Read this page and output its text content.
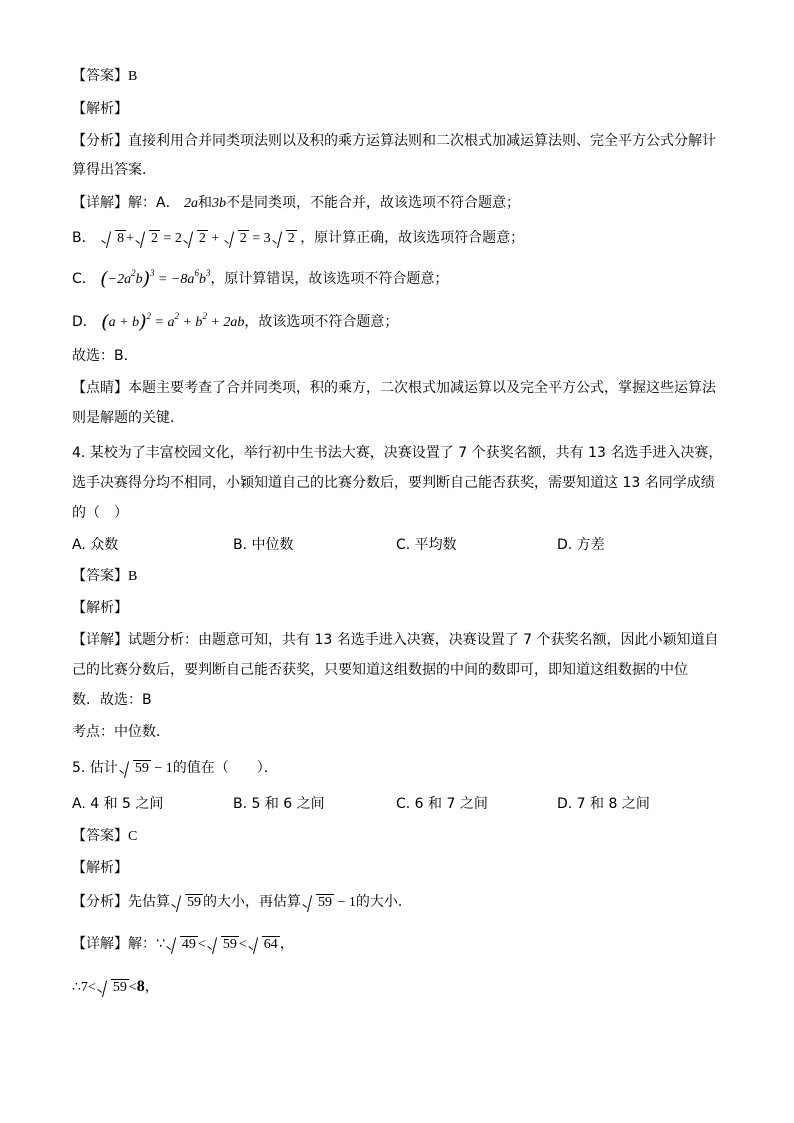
【答案】B
【解析】
【分析】直接利用合并同类项法则以及积的乘方运算法则和二次根式加减运算法则、完全平方公式分解计
算得出答案．
【详解】解：A． 2a和3b不是同类项，不能合并，故该选项不符合题意；
B． 8 + 2 = 2 2 + 2 = 3 2 ，原计算正确，故该选项符合题意；
C． $(-2a^2b)^3 = -8a^6b^3$，原计算错误，故该选项不符合题意；
D． $(a + b)^2 = a^2 + b^2 + 2ab$，故该选项不符合题意；
故选：B．
【点睛】本题主要考查了合并同类项，积的乘方，二次根式加减运算以及完全平方公式，掌握这些运算法
则是解题的关键．
4. 某校为了丰富校园文化，举行初中生书法大赛，决赛设置了 7 个获奖名额，共有 13 名选手进入决赛，
选手决赛得分均不相同，小颖知道自己的比赛分数后，要判断自己能否获奖，需要知道这 13 名同学成绩
的（　）
A. 众数	B. 中位数	C. 平均数	D. 方差
【答案】B
【解析】
【详解】试题分析：由题意可知，共有 13 名选手进入决赛，决赛设置了 7 个获奖名额，因此小颖知道自
己的比赛分数后，要判断自己能否获奖，只要知道这组数据的中间的数即可，即知道这组数据的中位
数．故选：B
考点：中位数．
5. 估计 59 − 1的值在（　　）．
A. 4 和 5 之间	B. 5 和 6 之间	C. 6 和 7 之间	D. 7 和 8 之间
【答案】C
【解析】
【分析】先估算 59 的大小，再估算 59 − 1的大小．
【详解】解：∵ 49 < 59 < 64 ，
∴7< 59 <8，
